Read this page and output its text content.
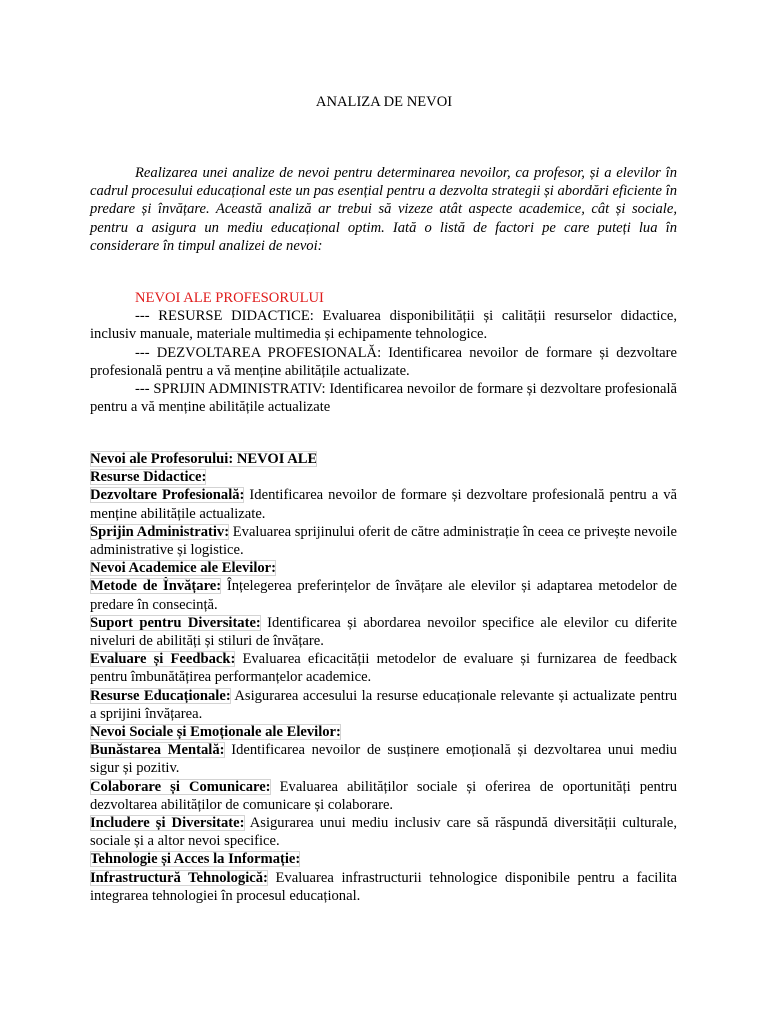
ANALIZA DE NEVOI
Realizarea unei analize de nevoi pentru determinarea nevoilor, ca profesor, și a elevilor în cadrul procesului educațional este un pas esențial pentru a dezvolta strategii și abordări eficiente în predare și învățare. Această analiză ar trebui să vizeze atât aspecte academice, cât și sociale, pentru a asigura un mediu educațional optim. Iată o listă de factori pe care puteți lua în considerare în timpul analizei de nevoi:

NEVOI ALE PROFESORULUI

--- RESURSE DIDACTICE: Evaluarea disponibilității și calității resurselor didactice, inclusiv manuale, materiale multimedia și echipamente tehnologice.

--- DEZVOLTAREA PROFESIONALĂ: Identificarea nevoilor de formare și dezvoltare profesională pentru a vă menține abilitățile actualizate.

--- SPRIJIN ADMINISTRATIV: Identificarea nevoilor de formare și dezvoltare profesională pentru a vă menține abilitățile actualizate

Nevoi ale Profesorului: NEVOI ALE

Resurse Didactice:

Dezvoltare Profesională: Identificarea nevoilor de formare și dezvoltare profesională pentru a vă menține abilitățile actualizate.

Sprijin Administrativ: Evaluarea sprijinului oferit de către administrație în ceea ce privește nevoile administrative și logistice.

Nevoi Academice ale Elevilor:

Metode de Învățare: Înțelegerea preferințelor de învățare ale elevilor și adaptarea metodelor de predare în consecință.

Suport pentru Diversitate: Identificarea și abordarea nevoilor specifice ale elevilor cu diferite niveluri de abilități și stiluri de învățare.

Evaluare și Feedback: Evaluarea eficacității metodelor de evaluare și furnizarea de feedback pentru îmbunătățirea performanțelor academice.

Resurse Educaționale: Asigurarea accesului la resurse educaționale relevante și actualizate pentru a sprijini învățarea.

Nevoi Sociale și Emoționale ale Elevilor:

Bunăstarea Mentală: Identificarea nevoilor de susținere emoțională și dezvoltarea unui mediu sigur și pozitiv.

Colaborare și Comunicare: Evaluarea abilităților sociale și oferirea de oportunități pentru dezvoltarea abilităților de comunicare și colaborare.

Includere și Diversitate: Asigurarea unui mediu inclusiv care să răspundă diversității culturale, sociale și a altor nevoi specifice.

Tehnologie și Acces la Informație:

Infrastructură Tehnologică: Evaluarea infrastructurii tehnologice disponibile pentru a facilita integrarea tehnologiei în procesul educațional.
